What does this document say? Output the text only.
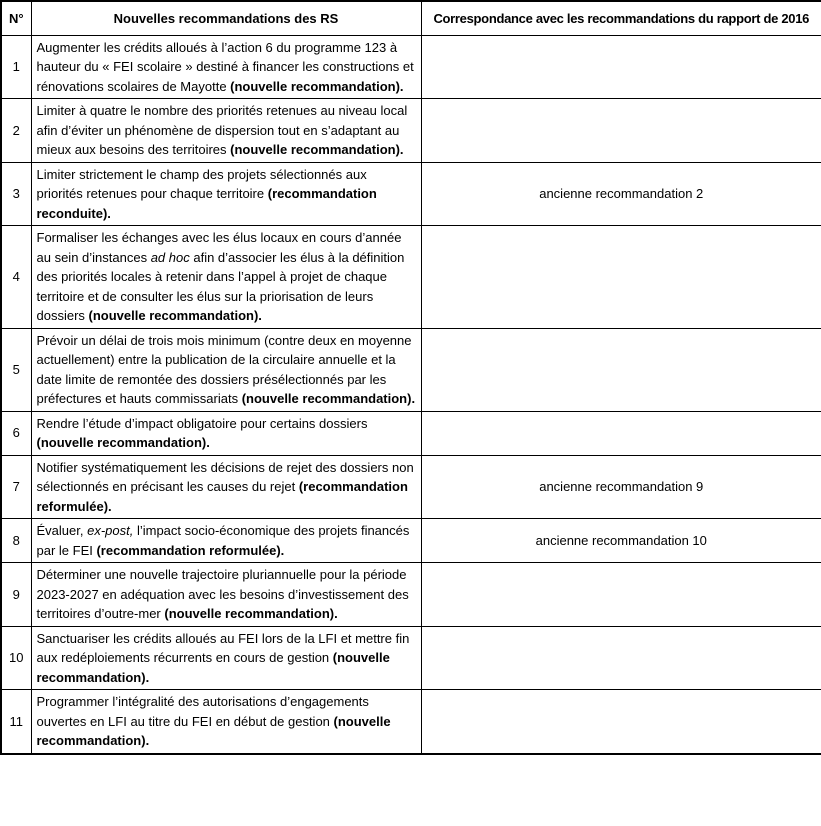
N°	Nouvelles recommandations des RS	Correspondance avec les recommandations du rapport de 2016
1	Augmenter les crédits alloués à l’action 6 du programme 123 à hauteur du « FEI scolaire » destiné à financer les constructions et rénovations scolaires de Mayotte (nouvelle recommandation).	
2	Limiter à quatre le nombre des priorités retenues au niveau local afin d’éviter un phénomène de dispersion tout en s’adaptant au mieux aux besoins des territoires (nouvelle recommandation).	
3	Limiter strictement le champ des projets sélectionnés aux priorités retenues pour chaque territoire (recommandation reconduite).	ancienne recommandation 2
4	Formaliser les échanges avec les élus locaux en cours d’année au sein d’instances ad hoc afin d’associer les élus à la définition des priorités locales à retenir dans l’appel à projet de chaque territoire et de consulter les élus sur la priorisation de leurs dossiers (nouvelle recommandation).	
5	Prévoir un délai de trois mois minimum (contre deux en moyenne actuellement) entre la publication de la circulaire annuelle et la date limite de remontée des dossiers présélectionnés par les préfectures et hauts commissariats (nouvelle recommandation).	
6	Rendre l’étude d’impact obligatoire pour certains dossiers (nouvelle recommandation).	
7	Notifier systématiquement les décisions de rejet des dossiers non sélectionnés en précisant les causes du rejet (recommandation reformulée).	ancienne recommandation 9
8	Évaluer, ex-post, l’impact socio-économique des projets financés par le FEI (recommandation reformulée).	ancienne recommandation 10
9	Déterminer une nouvelle trajectoire pluriannuelle pour la période 2023-2027 en adéquation avec les besoins d’investissement des territoires d’outre-mer (nouvelle recommandation).	
10	Sanctuariser les crédits alloués au FEI lors de la LFI et mettre fin aux redéploiements récurrents en cours de gestion (nouvelle recommandation).	
11	Programmer l’intégralité des autorisations d’engagements ouvertes en LFI au titre du FEI en début de gestion (nouvelle recommandation).	
